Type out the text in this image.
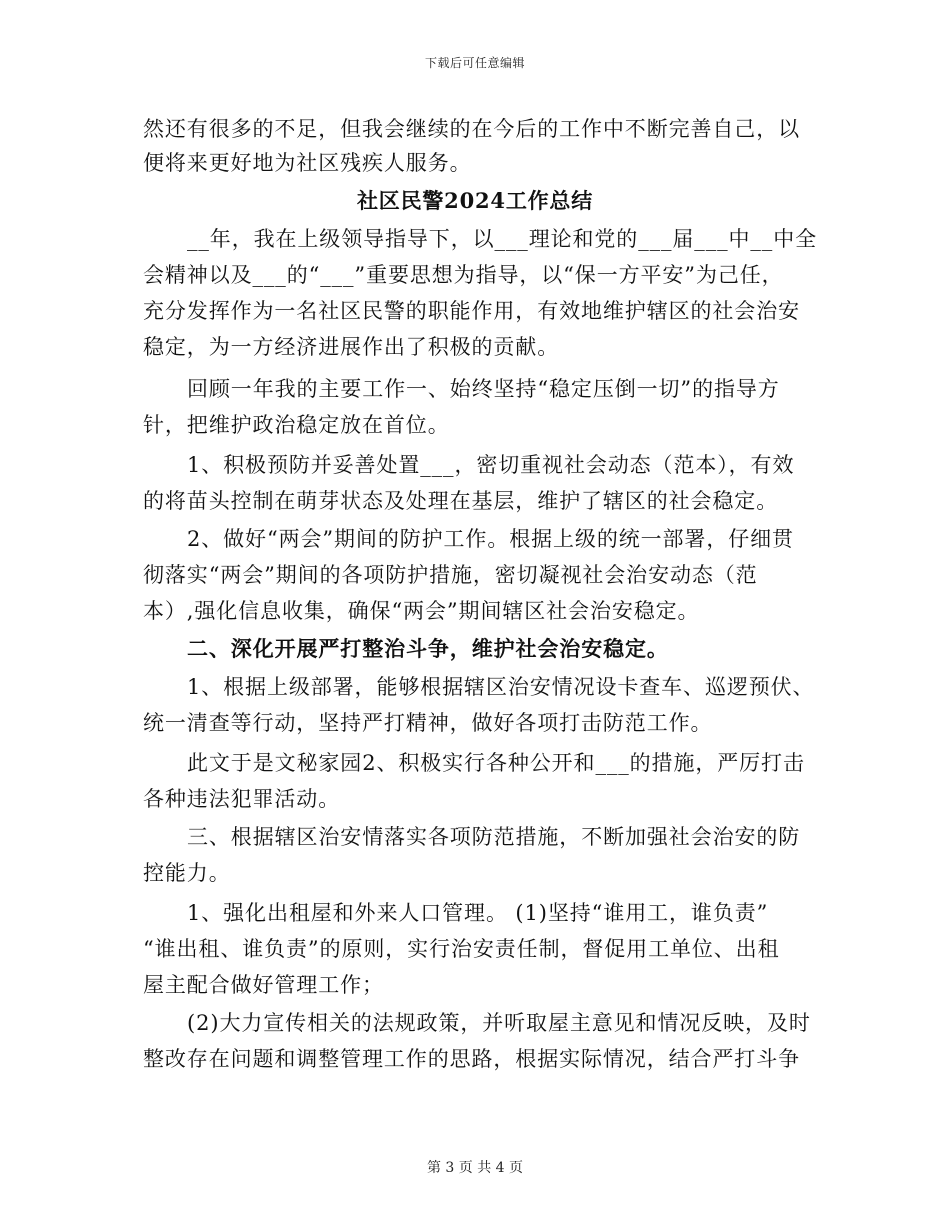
下载后可任意编辑
然还有很多的不足，但我会继续的在今后的工作中不断完善自己，以
便将来更好地为社区残疾人服务。
社区民警2024工作总结
__年，我在上级领导指导下，以___理论和党的___届___中__中全
会精神以及___的“___”重要思想为指导，以“保一方平安”为己任，
充分发挥作为一名社区民警的职能作用，有效地维护辖区的社会治安
稳定，为一方经济进展作出了积极的贡献。
回顾一年我的主要工作一、始终坚持“稳定压倒一切”的指导方
针，把维护政治稳定放在首位。
1、积极预防并妥善处置___，密切重视社会动态（范本），有效
的将苗头控制在萌芽状态及处理在基层，维护了辖区的社会稳定。
2、做好“两会”期间的防护工作。根据上级的统一部署，仔细贯
彻落实“两会”期间的各项防护措施，密切凝视社会治安动态（范
本）,强化信息收集，确保“两会”期间辖区社会治安稳定。
二、深化开展严打整治斗争，维护社会治安稳定。
1、根据上级部署，能够根据辖区治安情况设卡查车、巡逻预伏、
统一清查等行动，坚持严打精神，做好各项打击防范工作。
此文于是文秘家园2、积极实行各种公开和___的措施，严厉打击
各种违法犯罪活动。
三、根据辖区治安情落实各项防范措施，不断加强社会治安的防
控能力。
1、强化出租屋和外来人口管理。 (1)坚持“谁用工，谁负责”
“谁出租、谁负责”的原则，实行治安责任制，督促用工单位、出租
屋主配合做好管理工作；
(2)大力宣传相关的法规政策，并听取屋主意见和情况反映，及时
整改存在问题和调整管理工作的思路，根据实际情况，结合严打斗争
第 3 页 共 4 页
